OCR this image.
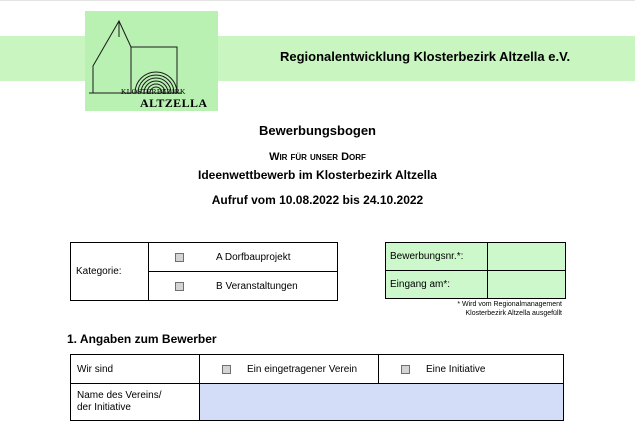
Regionalentwicklung Klosterbezirk Altzella e.V.
KLOSTERBEZIRK
ALTZELLA
Bewerbungsbogen
Wir für unser Dorf
Ideenwettbewerb im Klosterbezirk Altzella
Aufruf vom 10.08.2022 bis 24.10.2022
Kategorie:	
A Dorfbauprojekt

B Veranstaltungen
Bewerbungsnr.*:	
Eingang am*:	
* Wird vom Regionalmanagement
Klosterbezirk Altzella ausgefüllt
1. Angaben zum Bewerber
Wir sind	Ein eingetragener Verein	Eine Initiative

Name des Vereins/
der Initiative		
